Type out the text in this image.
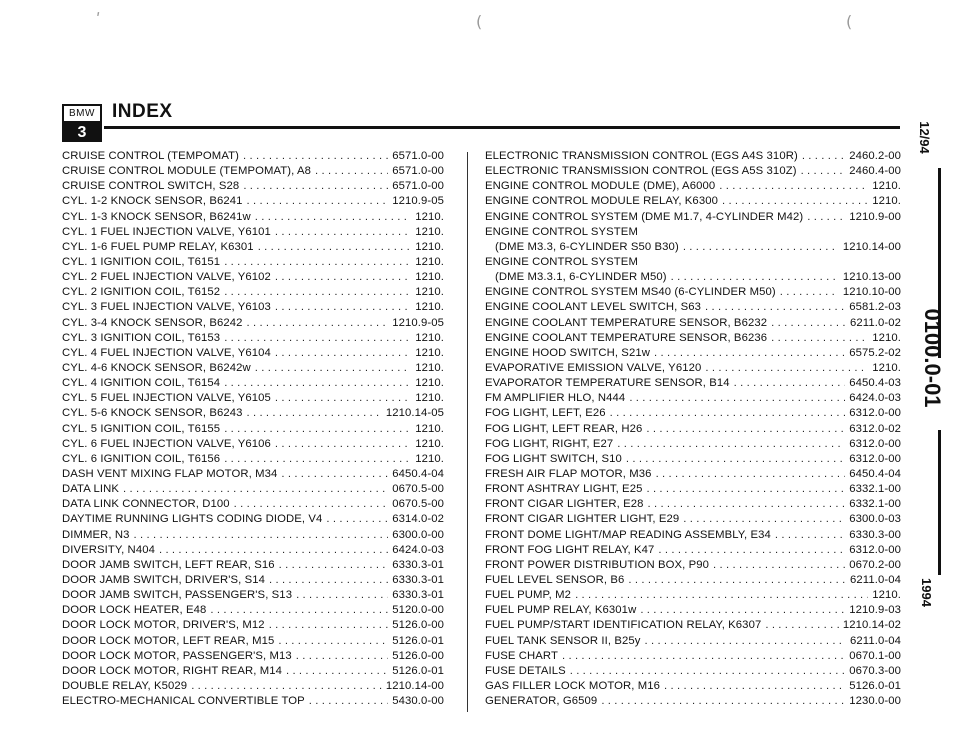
ʹ	(	(
BMW
3
INDEX
CRUISE CONTROL (TEMPOMAT) . . .	6571.0-00
CRUISE CONTROL MODULE (TEMPOMAT), A8 . . .	6571.0-00
CRUISE CONTROL SWITCH, S28 . . .	6571.0-00
CYL. 1-2 KNOCK SENSOR, B6241 . . .	1210.9-05
CYL. 1-3 KNOCK SENSOR, B6241w . . .	1210.
CYL. 1 FUEL INJECTION VALVE, Y6101 . . .	1210.
CYL. 1-6 FUEL PUMP RELAY, K6301 . . .	1210.
CYL. 1 IGNITION COIL, T6151 . . .	1210.
CYL. 2 FUEL INJECTION VALVE, Y6102 . . .	1210.
CYL. 2 IGNITION COIL, T6152 . . .	1210.
CYL. 3 FUEL INJECTION VALVE, Y6103 . . .	1210.
CYL. 3-4 KNOCK SENSOR, B6242 . . .	1210.9-05
CYL. 3 IGNITION COIL, T6153 . . .	1210.
CYL. 4 FUEL INJECTION VALVE, Y6104 . . .	1210.
CYL. 4-6 KNOCK SENSOR, B6242w . . .	1210.
CYL. 4 IGNITION COIL, T6154 . . .	1210.
CYL. 5 FUEL INJECTION VALVE, Y6105 . . .	1210.
CYL. 5-6 KNOCK SENSOR, B6243 . . .	1210.14-05
CYL. 5 IGNITION COIL, T6155 . . .	1210.
CYL. 6 FUEL INJECTION VALVE, Y6106 . . .	1210.
CYL. 6 IGNITION COIL, T6156 . . .	1210.
DASH VENT MIXING FLAP MOTOR, M34 . . .	6450.4-04
DATA LINK . . .	0670.5-00
DATA LINK CONNECTOR, D100 . . .	0670.5-00
DAYTIME RUNNING LIGHTS CODING DIODE, V4 . . .	6314.0-02
DIMMER, N3 . . .	6300.0-00
DIVERSITY, N404 . . .	6424.0-03
DOOR JAMB SWITCH, LEFT REAR, S16 . . .	6330.3-01
DOOR JAMB SWITCH, DRIVER'S, S14 . . .	6330.3-01
DOOR JAMB SWITCH, PASSENGER'S, S13 . . .	6330.3-01
DOOR LOCK HEATER, E48 . . .	5120.0-00
DOOR LOCK MOTOR, DRIVER'S, M12 . . .	5126.0-00
DOOR LOCK MOTOR, LEFT REAR, M15 . . .	5126.0-01
DOOR LOCK MOTOR, PASSENGER'S, M13 . . .	5126.0-00
DOOR LOCK MOTOR, RIGHT REAR, M14 . . .	5126.0-01
DOUBLE RELAY, K5029 . . .	1210.14-00
ELECTRO-MECHANICAL CONVERTIBLE TOP . . .	5430.0-00
ELECTRONIC TRANSMISSION CONTROL (EGS A4S 310R) . . .	2460.2-00
ELECTRONIC TRANSMISSION CONTROL (EGS A5S 310Z) . . .	2460.4-00
ENGINE CONTROL MODULE (DME), A6000 . . .	1210.
ENGINE CONTROL MODULE RELAY, K6300 . . .	1210.
ENGINE CONTROL SYSTEM (DME M1.7, 4-CYLINDER M42) . . .	1210.9-00
ENGINE CONTROL SYSTEM
(DME M3.3, 6-CYLINDER S50 B30) . . .	1210.14-00
ENGINE CONTROL SYSTEM
(DME M3.3.1, 6-CYLINDER M50) . . .	1210.13-00
ENGINE CONTROL SYSTEM MS40 (6-CYLINDER M50) . . .	1210.10-00
ENGINE COOLANT LEVEL SWITCH, S63 . . .	6581.2-03
ENGINE COOLANT TEMPERATURE SENSOR, B6232 . . .	6211.0-02
ENGINE COOLANT TEMPERATURE SENSOR, B6236 . . .	1210.
ENGINE HOOD SWITCH, S21w . . .	6575.2-02
EVAPORATIVE EMISSION VALVE, Y6120 . . .	1210.
EVAPORATOR TEMPERATURE SENSOR, B14 . . .	6450.4-03
FM AMPLIFIER HLO, N444 . . .	6424.0-03
FOG LIGHT, LEFT, E26 . . .	6312.0-00
FOG LIGHT, LEFT REAR, H26 . . .	6312.0-02
FOG LIGHT, RIGHT, E27 . . .	6312.0-00
FOG LIGHT SWITCH, S10 . . .	6312.0-00
FRESH AIR FLAP MOTOR, M36 . . .	6450.4-04
FRONT ASHTRAY LIGHT, E25 . . .	6332.1-00
FRONT CIGAR LIGHTER, E28 . . .	6332.1-00
FRONT CIGAR LIGHTER LIGHT, E29 . . .	6300.0-03
FRONT DOME LIGHT/MAP READING ASSEMBLY, E34 . . .	6330.3-00
FRONT FOG LIGHT RELAY, K47 . . .	6312.0-00
FRONT POWER DISTRIBUTION BOX, P90 . . .	0670.2-00
FUEL LEVEL SENSOR, B6 . . .	6211.0-04
FUEL PUMP, M2 . . .	1210.
FUEL PUMP RELAY, K6301w . . .	1210.9-03
FUEL PUMP/START IDENTIFICATION RELAY, K6307 . . .	1210.14-02
FUEL TANK SENSOR II, B25y . . .	6211.0-04
FUSE CHART . . .	0670.1-00
FUSE DETAILS . . .	0670.3-00
GAS FILLER LOCK MOTOR, M16 . . .	5126.0-01
GENERATOR, G6509 . . .	1230.0-00
12/94
0100.0-01
1994
